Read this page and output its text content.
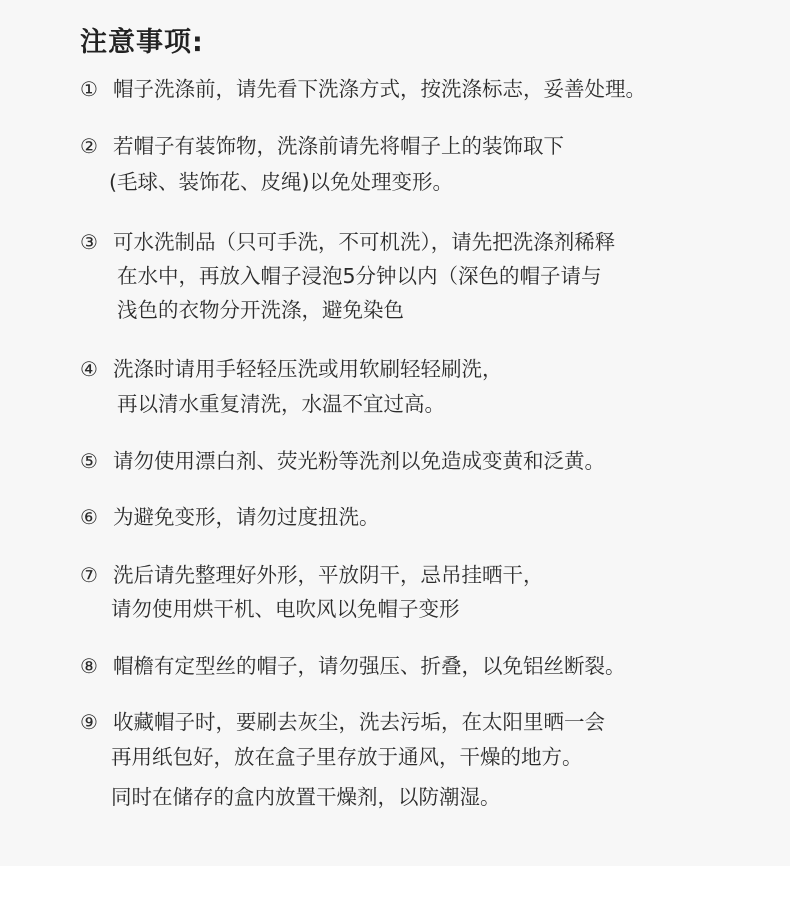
注意事项:
① 帽子洗涤前，请先看下洗涤方式，按洗涤标志，妥善处理。
② 若帽子有装饰物，洗涤前请先将帽子上的装饰取下
(毛球、装饰花、皮绳)以免处理变形。
③ 可水洗制品（只可手洗，不可机洗），请先把洗涤剂稀释
在水中，再放入帽子浸泡5分钟以内（深色的帽子请与
浅色的衣物分开洗涤，避免染色
④ 洗涤时请用手轻轻压洗或用软刷轻轻刷洗，
再以清水重复清洗，水温不宜过高。
⑤ 请勿使用漂白剂、荧光粉等洗剂以免造成变黄和泛黄。
⑥ 为避免变形，请勿过度扭洗。
⑦ 洗后请先整理好外形，平放阴干，忌吊挂晒干，
请勿使用烘干机、电吹风以免帽子变形
⑧ 帽檐有定型丝的帽子，请勿强压、折叠，以免铝丝断裂。
⑨ 收藏帽子时，要刷去灰尘，洗去污垢，在太阳里晒一会
再用纸包好，放在盒子里存放于通风，干燥的地方。
同时在储存的盒内放置干燥剂，以防潮湿。
